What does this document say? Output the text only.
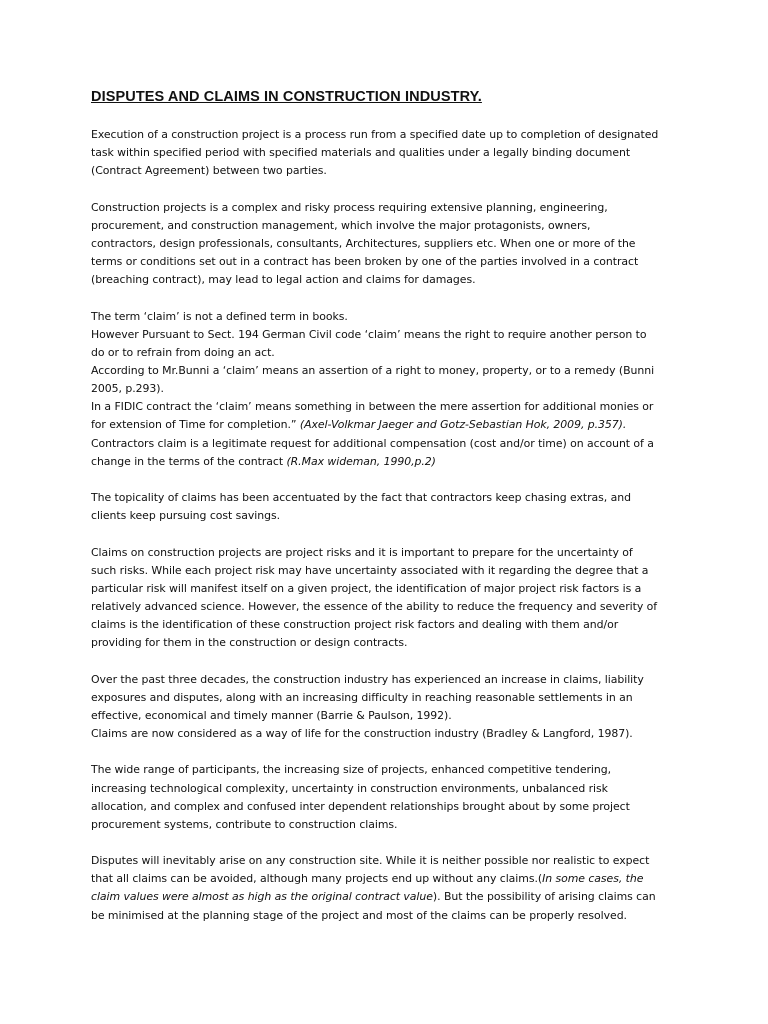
DISPUTES AND CLAIMS IN CONSTRUCTION INDUSTRY.

Execution of a construction project is a process run from a specified date up to completion of designated
task within specified period with specified materials and qualities under a legally binding document
(Contract Agreement) between two parties.

Construction projects is a complex and risky process requiring extensive planning, engineering,
procurement, and construction management, which involve the major protagonists, owners,
contractors, design professionals, consultants, Architectures, suppliers etc. When one or more of the
terms or conditions set out in a contract has been broken by one of the parties involved in a contract
(breaching contract), may lead to legal action and claims for damages.

The term ‘claim’ is not a defined term in books.
However Pursuant to Sect. 194 German Civil code ‘claim’ means the right to require another person to
do or to refrain from doing an act.
According to Mr.Bunni a ‘claim’ means an assertion of a right to money, property, or to a remedy (Bunni
2005, p.293).
In a FIDIC contract the ‘claim’ means something in between the mere assertion for additional monies or
for extension of Time for completion.” (Axel-Volkmar Jaeger and Gotz-Sebastian Hok, 2009, p.357).
Contractors claim is a legitimate request for additional compensation (cost and/or time) on account of a
change in the terms of the contract (R.Max wideman, 1990,p.2)

The topicality of claims has been accentuated by the fact that contractors keep chasing extras, and
clients keep pursuing cost savings.

Claims on construction projects are project risks and it is important to prepare for the uncertainty of
such risks. While each project risk may have uncertainty associated with it regarding the degree that a
particular risk will manifest itself on a given project, the identification of major project risk factors is a
relatively advanced science. However, the essence of the ability to reduce the frequency and severity of
claims is the identification of these construction project risk factors and dealing with them and/or
providing for them in the construction or design contracts.

Over the past three decades, the construction industry has experienced an increase in claims, liability
exposures and disputes, along with an increasing difficulty in reaching reasonable settlements in an
effective, economical and timely manner (Barrie & Paulson, 1992).
Claims are now considered as a way of life for the construction industry (Bradley & Langford, 1987).

The wide range of participants, the increasing size of projects, enhanced competitive tendering,
increasing technological complexity, uncertainty in construction environments, unbalanced risk
allocation, and complex and confused inter dependent relationships brought about by some project
procurement systems, contribute to construction claims.

Disputes will inevitably arise on any construction site. While it is neither possible nor realistic to expect
that all claims can be avoided, although many projects end up without any claims.(In some cases, the
claim values were almost as high as the original contract value). But the possibility of arising claims can
be minimised at the planning stage of the project and most of the claims can be properly resolved.
